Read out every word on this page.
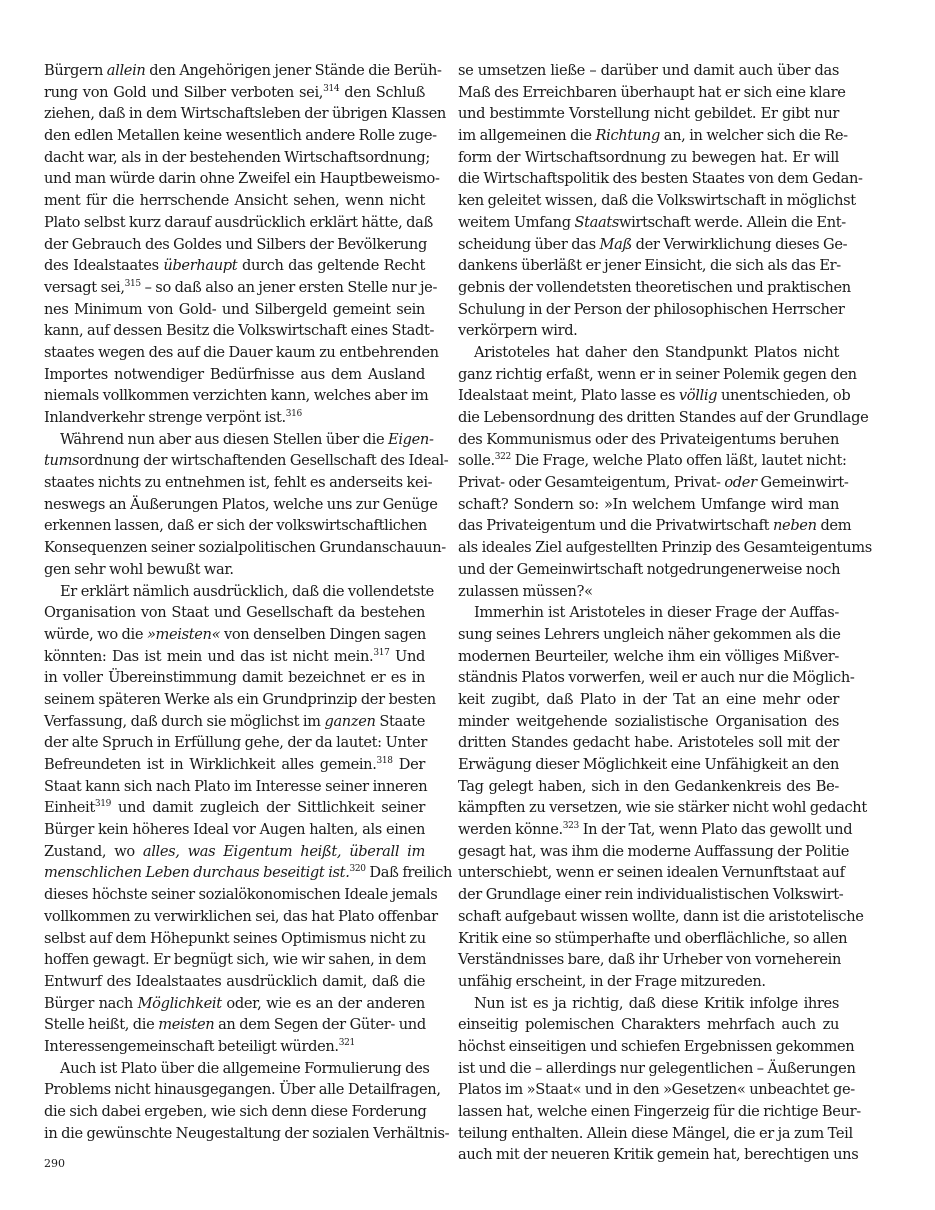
Bürgern allein den Angehörigen jener Stände die Berüh-
rung von Gold und Silber verboten sei,$^{314}$ den Schluß
ziehen, daß in dem Wirtschaftsleben der übrigen Klassen
den edlen Metallen keine wesentlich andere Rolle zuge-
dacht war, als in der bestehenden Wirtschaftsordnung;
und man würde darin ohne Zweifel ein Hauptbeweismo-
ment für die herrschende Ansicht sehen, wenn nicht
Plato selbst kurz darauf ausdrücklich erklärt hätte, daß
der Gebrauch des Goldes und Silbers der Bevölkerung
des Idealstaates überhaupt durch das geltende Recht
versagt sei,$^{315}$ – so daß also an jener ersten Stelle nur je-
nes Minimum von Gold- und Silbergeld gemeint sein
kann, auf dessen Besitz die Volkswirtschaft eines Stadt-
staates wegen des auf die Dauer kaum zu entbehrenden
Importes notwendiger Bedürfnisse aus dem Ausland
niemals vollkommen verzichten kann, welches aber im
Inlandverkehr strenge verpönt ist.$^{316}$
Während nun aber aus diesen Stellen über die Eigen-
tumsordnung der wirtschaftenden Gesellschaft des Ideal-
staates nichts zu entnehmen ist, fehlt es anderseits kei-
neswegs an Äußerungen Platos, welche uns zur Genüge
erkennen lassen, daß er sich der volkswirtschaftlichen
Konsequenzen seiner sozialpolitischen Grundanschauun-
gen sehr wohl bewußt war.
Er erklärt nämlich ausdrücklich, daß die vollendetste
Organisation von Staat und Gesellschaft da bestehen
würde, wo die »meisten« von denselben Dingen sagen
könnten: Das ist mein und das ist nicht mein.$^{317}$ Und
in voller Übereinstimmung damit bezeichnet er es in
seinem späteren Werke als ein Grundprinzip der besten
Verfassung, daß durch sie möglichst im ganzen Staate
der alte Spruch in Erfüllung gehe, der da lautet: Unter
Befreundeten ist in Wirklichkeit alles gemein.$^{318}$ Der
Staat kann sich nach Plato im Interesse seiner inneren
Einheit$^{319}$ und damit zugleich der Sittlichkeit seiner
Bürger kein höheres Ideal vor Augen halten, als einen
Zustand, wo alles, was Eigentum heißt, überall im
menschlichen Leben durchaus beseitigt ist.$^{320}$ Daß freilich
dieses höchste seiner sozialökonomischen Ideale jemals
vollkommen zu verwirklichen sei, das hat Plato offenbar
selbst auf dem Höhepunkt seines Optimismus nicht zu
hoffen gewagt. Er begnügt sich, wie wir sahen, in dem
Entwurf des Idealstaates ausdrücklich damit, daß die
Bürger nach Möglichkeit oder, wie es an der anderen
Stelle heißt, die meisten an dem Segen der Güter- und
Interessengemeinschaft beteiligt würden.$^{321}$
Auch ist Plato über die allgemeine Formulierung des
Problems nicht hinausgegangen. Über alle Detailfragen,
die sich dabei ergeben, wie sich denn diese Forderung
in die gewünschte Neugestaltung der sozialen Verhältnis-
se umsetzen ließe – darüber und damit auch über das
Maß des Erreichbaren überhaupt hat er sich eine klare
und bestimmte Vorstellung nicht gebildet. Er gibt nur
im allgemeinen die Richtung an, in welcher sich die Re-
form der Wirtschaftsordnung zu bewegen hat. Er will
die Wirtschaftspolitik des besten Staates von dem Gedan-
ken geleitet wissen, daß die Volkswirtschaft in möglichst
weitem Umfang Staatswirtschaft werde. Allein die Ent-
scheidung über das Maß der Verwirklichung dieses Ge-
dankens überläßt er jener Einsicht, die sich als das Er-
gebnis der vollendetsten theoretischen und praktischen
Schulung in der Person der philosophischen Herrscher
verkörpern wird.
Aristoteles hat daher den Standpunkt Platos nicht
ganz richtig erfaßt, wenn er in seiner Polemik gegen den
Idealstaat meint, Plato lasse es völlig unentschieden, ob
die Lebensordnung des dritten Standes auf der Grundlage
des Kommunismus oder des Privateigentums beruhen
solle.$^{322}$ Die Frage, welche Plato offen läßt, lautet nicht:
Privat- oder Gesamteigentum, Privat- oder Gemeinwirt-
schaft? Sondern so: »In welchem Umfange wird man
das Privateigentum und die Privatwirtschaft neben dem
als ideales Ziel aufgestellten Prinzip des Gesamteigentums
und der Gemeinwirtschaft notgedrungenerweise noch
zulassen müssen?«
Immerhin ist Aristoteles in dieser Frage der Auffas-
sung seines Lehrers ungleich näher gekommen als die
modernen Beurteiler, welche ihm ein völliges Mißver-
ständnis Platos vorwerfen, weil er auch nur die Möglich-
keit zugibt, daß Plato in der Tat an eine mehr oder
minder weitgehende sozialistische Organisation des
dritten Standes gedacht habe. Aristoteles soll mit der
Erwägung dieser Möglichkeit eine Unfähigkeit an den
Tag gelegt haben, sich in den Gedankenkreis des Be-
kämpften zu versetzen, wie sie stärker nicht wohl gedacht
werden könne.$^{323}$ In der Tat, wenn Plato das gewollt und
gesagt hat, was ihm die moderne Auffassung der Politie
unterschiebt, wenn er seinen idealen Vernunftstaat auf
der Grundlage einer rein individualistischen Volkswirt-
schaft aufgebaut wissen wollte, dann ist die aristotelische
Kritik eine so stümperhafte und oberflächliche, so allen
Verständnisses bare, daß ihr Urheber von vorneherein
unfähig erscheint, in der Frage mitzureden.
Nun ist es ja richtig, daß diese Kritik infolge ihres
einseitig polemischen Charakters mehrfach auch zu
höchst einseitigen und schiefen Ergebnissen gekommen
ist und die – allerdings nur gelegentlichen – Äußerungen
Platos im »Staat« und in den »Gesetzen« unbeachtet ge-
lassen hat, welche einen Fingerzeig für die richtige Beur-
teilung enthalten. Allein diese Mängel, die er ja zum Teil
auch mit der neueren Kritik gemein hat, berechtigen uns
290
